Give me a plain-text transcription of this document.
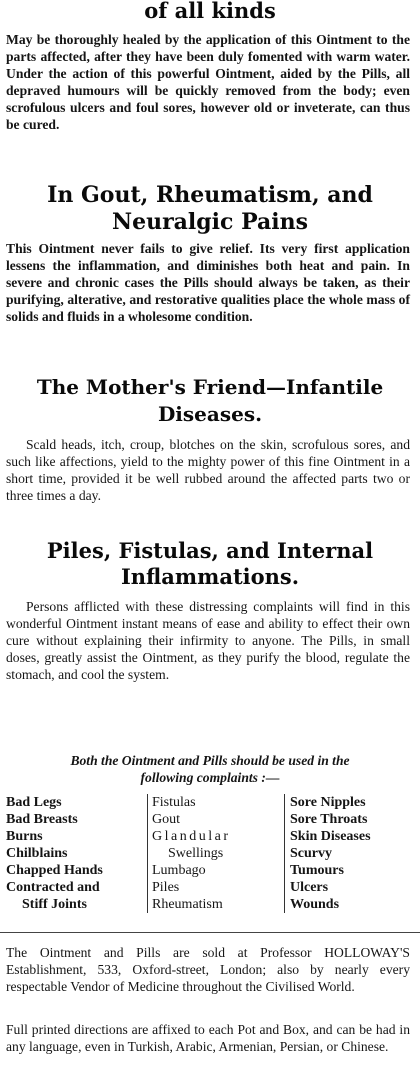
of all kinds

May be thoroughly healed by the application of this Ointment to the parts affected, after they have been duly fomented with warm water. Under the action of this powerful Ointment, aided by the Pills, all depraved humours will be quickly removed from the body; even scrofulous ulcers and foul sores, however old or inveterate, can thus be cured.

In Gout, Rheumatism, and
Neuralgic Pains

This Ointment never fails to give relief. Its very first application lessens the inflammation, and diminishes both heat and pain. In severe and chronic cases the Pills should always be taken, as their purifying, alterative, and restorative qualities place the whole mass of solids and fluids in a wholesome condition.

The Mother's Friend—Infantile
Diseases.

Scald heads, itch, croup, blotches on the skin, scrofulous sores, and such like affections, yield to the mighty power of this fine Ointment in a short time, provided it be well rubbed around the affected parts two or three times a day.

Piles, Fistulas, and Internal
Inflammations.

Persons afflicted with these distressing complaints will find in this wonderful Ointment instant means of ease and ability to effect their own cure without explaining their infirmity to anyone. The Pills, in small doses, greatly assist the Ointment, as they purify the blood, regulate the stomach, and cool the system.

Both the Ointment and Pills should be used in the

following complaints :—

Bad Legs
Bad Breasts
Burns
Chilblains
Chapped Hands
Contracted and
Stiff Joints
Fistulas
Gout
Glandular
Swellings
Lumbago
Piles
Rheumatism
Sore Nipples
Sore Throats
Skin Diseases
Scurvy
Tumours
Ulcers
Wounds

The Ointment and Pills are sold at Professor HOLLOWAY'S Establishment, 533, Oxford-street, London; also by nearly every respectable Vendor of Medicine throughout the Civilised World.

Full printed directions are affixed to each Pot and Box, and can be had in any language, even in Turkish, Arabic, Armenian, Persian, or Chinese.
